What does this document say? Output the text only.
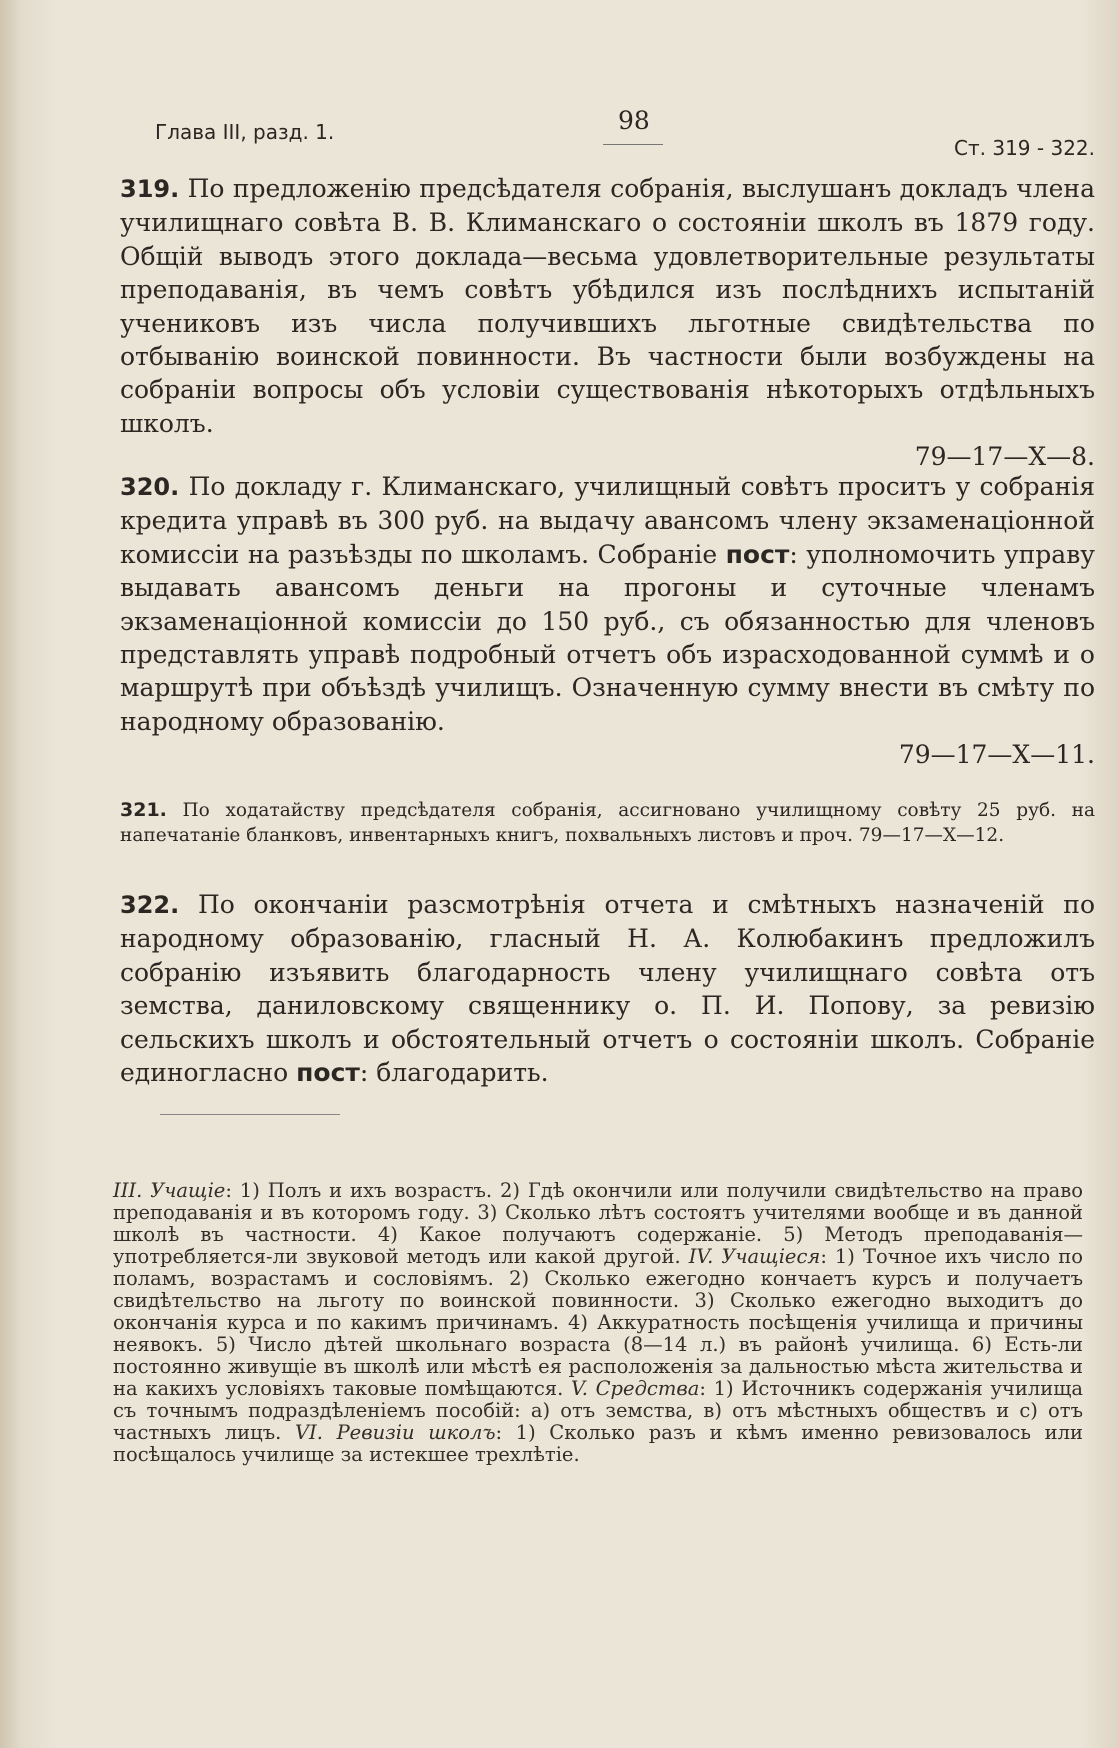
Глава III, разд. 1.	98
Ст. 319 - 322.
319. По предложенію предсѣдателя собранія, выслушанъ докладъ члена училищнаго совѣта В. В. Климанскаго о состояніи школъ въ 1879 году. Общій выводъ этого доклада—весьма удовлетворительные результаты преподаванія, въ чемъ совѣтъ убѣдился изъ послѣднихъ испытаній учениковъ изъ числа получившихъ льготные свидѣтельства по отбыванію воинской повинности. Въ частности были возбуждены на собраніи вопросы объ условіи существованія нѣкоторыхъ отдѣльныхъ школъ.
79—17—X—8.
320. По докладу г. Климанскаго, училищный совѣтъ проситъ у собранія кредита управѣ въ 300 руб. на выдачу авансомъ члену экзаменаціонной комиссіи на разъѣзды по школамъ. Собраніе пост: уполномочить управу выдавать авансомъ деньги на прогоны и суточные членамъ экзаменаціонной комиссіи до 150 руб., съ обязанностью для членовъ представлять управѣ подробный отчетъ объ израсходованной суммѣ и о маршрутѣ при объѣздѣ училищъ. Означенную сумму внести въ смѣту по народному образованію.
79—17—X—11.
321. По ходатайству предсѣдателя собранія, ассигновано училищному совѣту 25 руб. на напечатаніе бланковъ, инвентарныхъ книгъ, похвальныхъ листовъ и проч. 79—17—X—12.
322. По окончаніи разсмотрѣнія отчета и смѣтныхъ назначеній по народному образованію, гласный Н. А. Колюбакинъ предложилъ собранію изъявить благодарность члену училищнаго совѣта отъ земства, даниловскому священнику о. П. И. Попову, за ревизію сельскихъ школъ и обстоятельный отчетъ о состояніи школъ. Собраніе единогласно пост: благодарить.
III. Учащіе: 1) Полъ и ихъ возрастъ. 2) Гдѣ окончили или получили свидѣтельство на право преподаванія и въ которомъ году. 3) Сколько лѣтъ состоятъ учителями вообще и въ данной школѣ въ частности. 4) Какое получаютъ содержаніе. 5) Методъ преподаванія—употребляется-ли звуковой методъ или какой другой. IV. Учащіеся: 1) Точное ихъ число по поламъ, возрастамъ и сословіямъ. 2) Сколько ежегодно кончаетъ курсъ и получаетъ свидѣтельство на льготу по воинской повинности. 3) Сколько ежегодно выходитъ до окончанія курса и по какимъ причинамъ. 4) Аккуратность посѣщенія училища и причины неявокъ. 5) Число дѣтей школьнаго возраста (8—14 л.) въ районѣ училища. 6) Есть-ли постоянно живущіе въ школѣ или мѣстѣ ея расположенія за дальностью мѣста жительства и на какихъ условіяхъ таковые помѣщаются. V. Средства: 1) Источникъ содержанія училища съ точнымъ подраздѣленіемъ пособій: а) отъ земства, в) отъ мѣстныхъ обществъ и с) отъ частныхъ лицъ. VI. Ревизіи школъ: 1) Сколько разъ и кѣмъ именно ревизовалось или посѣщалось училище за истекшее трехлѣтіе.
